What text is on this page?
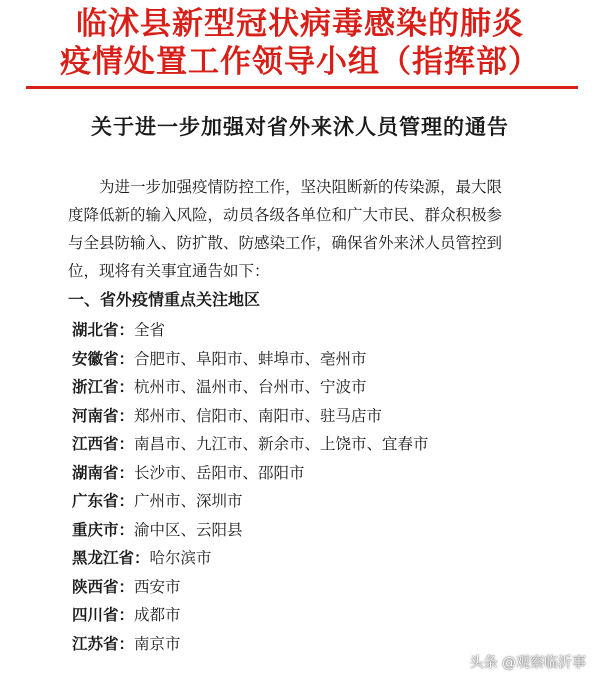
临沭县新型冠状病毒感染的肺炎
疫情处置工作领导小组（指挥部）
关于进一步加强对省外来沭人员管理的通告
为进一步加强疫情防控工作，坚决阻断新的传染源，最大限
度降低新的输入风险，动员各级各单位和广大市民、群众积极参
与全县防输入、防扩散、防感染工作，确保省外来沭人员管控到
位，现将有关事宜通告如下：
一、省外疫情重点关注地区
湖北省：全省
安徽省：合肥市、阜阳市、蚌埠市、亳州市
浙江省：杭州市、温州市、台州市、宁波市
河南省：郑州市、信阳市、南阳市、驻马店市
江西省：南昌市、九江市、新余市、上饶市、宜春市
湖南省：长沙市、岳阳市、邵阳市
广东省：广州市、深圳市
重庆市：渝中区、云阳县
黑龙江省：哈尔滨市
陕西省：西安市
四川省：成都市
江苏省：南京市
头条 @观察临沂事
